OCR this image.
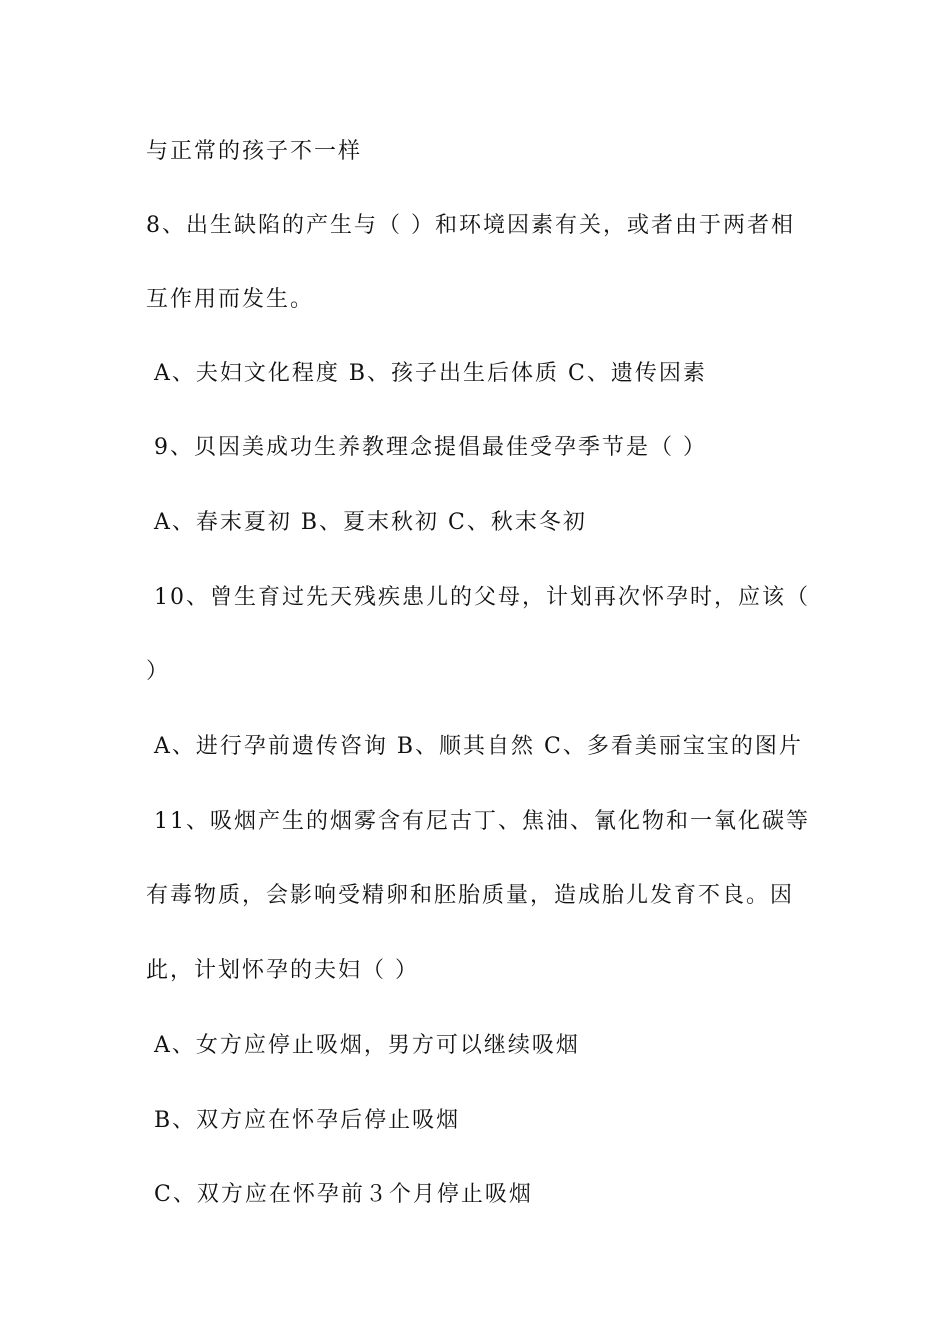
与正常的孩子不一样
8、出生缺陷的产生与（ ）和环境因素有关，或者由于两者相
互作用而发生。
A、夫妇文化程度 B、孩子出生后体质 C、遗传因素
9、贝因美成功生养教理念提倡最佳受孕季节是（ ）
A、春末夏初 B、夏末秋初 C、秋末冬初
10、曾生育过先天残疾患儿的父母，计划再次怀孕时，应该（
）
A、进行孕前遗传咨询 B、顺其自然 C、多看美丽宝宝的图片
11、吸烟产生的烟雾含有尼古丁、焦油、氰化物和一氧化碳等
有毒物质，会影响受精卵和胚胎质量，造成胎儿发育不良。因
此，计划怀孕的夫妇（ ）
A、女方应停止吸烟，男方可以继续吸烟
B、双方应在怀孕后停止吸烟
C、双方应在怀孕前３个月停止吸烟
